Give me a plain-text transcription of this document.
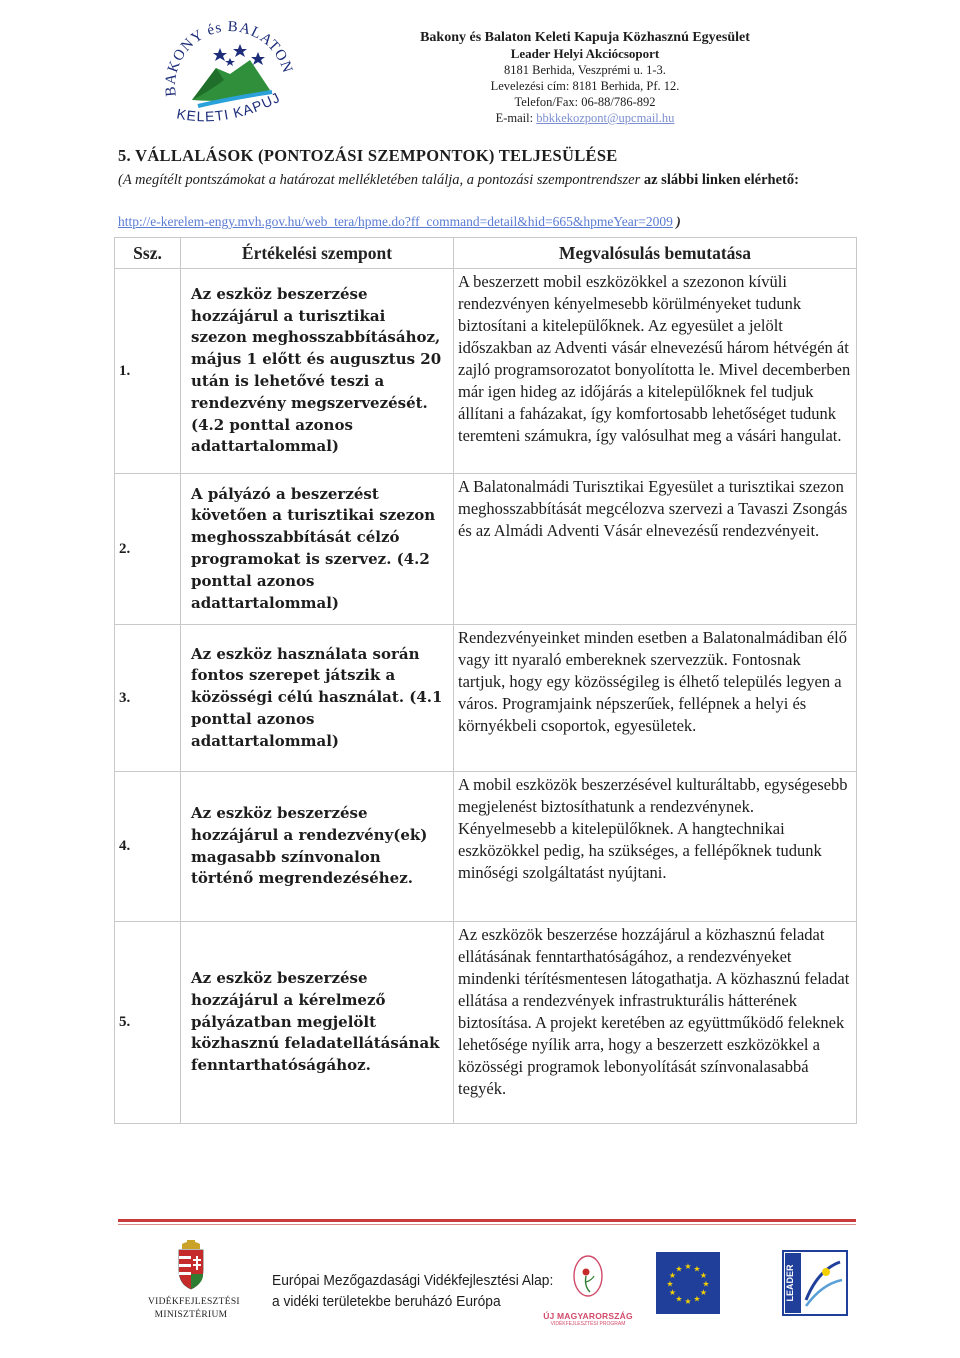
BAKONY és BALATON
KELETI KAPUJ
Bakony és Balaton Keleti Kapuja Közhasznú Egyesület
Leader Helyi Akciócsoport
8181 Berhida, Veszprémi u. 1-3.
Levelezési cím: 8181 Berhida, Pf. 12.
Telefon/Fax: 06-88/786-892
E-mail: bbkkekozpont@upcmail.hu
5. VÁLLALÁSOK (PONTOZÁSI SZEMPONTOK) TELJESÜLÉSE
(A megítélt pontszámokat a határozat mellékletében találja, a pontozási szempontrendszer az slábbi linken elérhető:
http://e-kerelem-engy.mvh.gov.hu/web_tera/hpme.do?ff_command=detail&hid=665&hpmeYear=2009 )
Ssz.	Értékelési szempont	Megvalósulás bemutatása
1.	Az eszköz beszerzése hozzájárul a turisztikai szezon meghosszabbításához, május 1 előtt és augusztus 20 után is lehetővé teszi a rendezvény megszervezését. (4.2 ponttal azonos adattartalommal)	A beszerzett mobil eszközökkel a szezonon kívüli rendezvényen kényelmesebb körülményeket tudunk biztosítani a kitelepülőknek. Az egyesület a jelölt időszakban az Adventi vásár elnevezésű három hétvégén át zajló programsorozatot bonyolította le. Mivel decemberben már igen hideg az időjárás a kitelepülőknek fel tudjuk állítani a faházakat, így komfortosabb lehetőséget tudunk teremteni számukra, így valósulhat meg a vásári hangulat.
2.	A pályázó a beszerzést követően a turisztikai szezon meghosszabbítását célzó programokat is szervez. (4.2 ponttal azonos adattartalommal)	A Balatonalmádi Turisztikai Egyesület a turisztikai szezon meghosszabbítását megcélozva szervezi a Tavaszi Zsongás és az Almádi Adventi Vásár elnevezésű rendezvényeit.
3.	Az eszköz használata során fontos szerepet játszik a közösségi célú használat. (4.1 ponttal azonos adattartalommal)	Rendezvényeinket minden esetben a Balatonalmádiban élő vagy itt nyaraló embereknek szervezzük. Fontosnak tartjuk, hogy egy közösségileg is élhető település legyen a város. Programjaink népszerűek, fellépnek a helyi és környékbeli csoportok, egyesületek.
4.	Az eszköz beszerzése hozzájárul a rendezvény(ek) magasabb színvonalon történő megrendezéséhez.	A mobil eszközök beszerzésével kulturáltabb, egységesebb megjelenést biztosíthatunk a rendezvénynek. Kényelmesebb a kitelepülőknek. A hangtechnikai eszközökkel pedig, ha szükséges, a fellépőknek tudunk minőségi szolgáltatást nyújtani.
5.	Az eszköz beszerzése hozzájárul a kérelmező pályázatban megjelölt közhasznú feladatellátásának fenntarthatóságához.	Az eszközök beszerzése hozzájárul a közhasznú feladat ellátásának fenntarthatóságához, a rendezvényeket mindenki térítésmentesen látogathatja. A közhasznú feladat ellátása a rendezvények infrastrukturális hátterének biztosítása. A projekt keretében az együttműködő feleknek lehetősége nyílik arra, hogy a beszerzett eszközökkel a közösségi programok lebonyolítását színvonalasabbá tegyék.
VIDÉKFEJLESZTÉSI
MINISZTÉRIUM
Európai Mezőgazdasági Vidékfejlesztési Alap:
a vidéki területekbe beruházó Európa
ÚJ MAGYARORSZÁG
VIDÉKFEJLESZTÉSI PROGRAM
★ ★
★
★
★
★
★
★
★
★
★
★	LEADER
